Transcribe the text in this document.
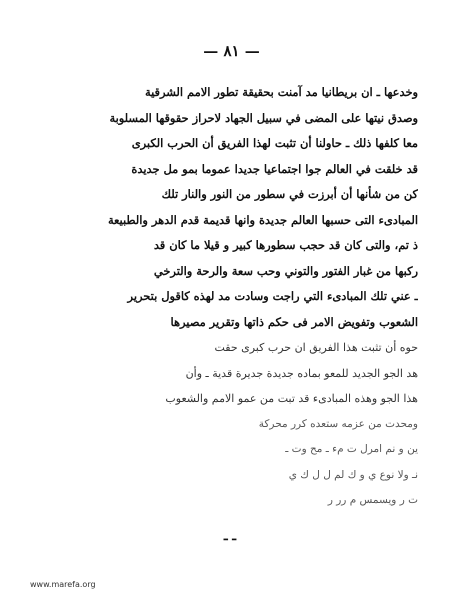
— ٨١ —
وخدعها ـ ان بريطانيا مد آمنت بحقيقة تطور الامم الشرقية
وصدق نيتها على المضى في سبيل الجهاد لاحراز حقوقها المسلوبة
معا كلفها ذلك ـ حاولنا أن تثبت لهذا الفريق أن الحرب الكبرى
قد خلقت في العالم جوا اجتماعيا جديدا عموما بمو مل جديدة
كن من شأنها أن أبرزت في سطور من النور والنار تلك
المبادىء التى حسبها العالم جديدة وانها قديمة قدم الدهر والطبيعة
ذ تم، والتى كان قد حجب سطورها كبير و قيلا ما كان قد
ركبها من غبار الفتور والتوني وحب سعة والرحة والترخي
ـ عني تلك المبادىء التي راجت وسادت مد لهذه كاقول بتحرير
الشعوب وتفويض الامر فى حكم ذاتها وتقرير مصيرها
حوه أن تثبت هذا الفريق ان حرب كبرى حقت
هد الجو الجديد للمعو بماده جديدة جديرة قدية ـ وأن
هذا الجو وهذه المبادىء قد تبت من عمو الامم والشعوب
ومحدت من عزمه ستعده كرر محركة
ين و نم امرل ت مء ـ مح وت ـ
نـ ولا نوع ي و ك لم ل ل ك ي
ت ر ويسمس م رر ر
ـ ـ
www.marefa.org
